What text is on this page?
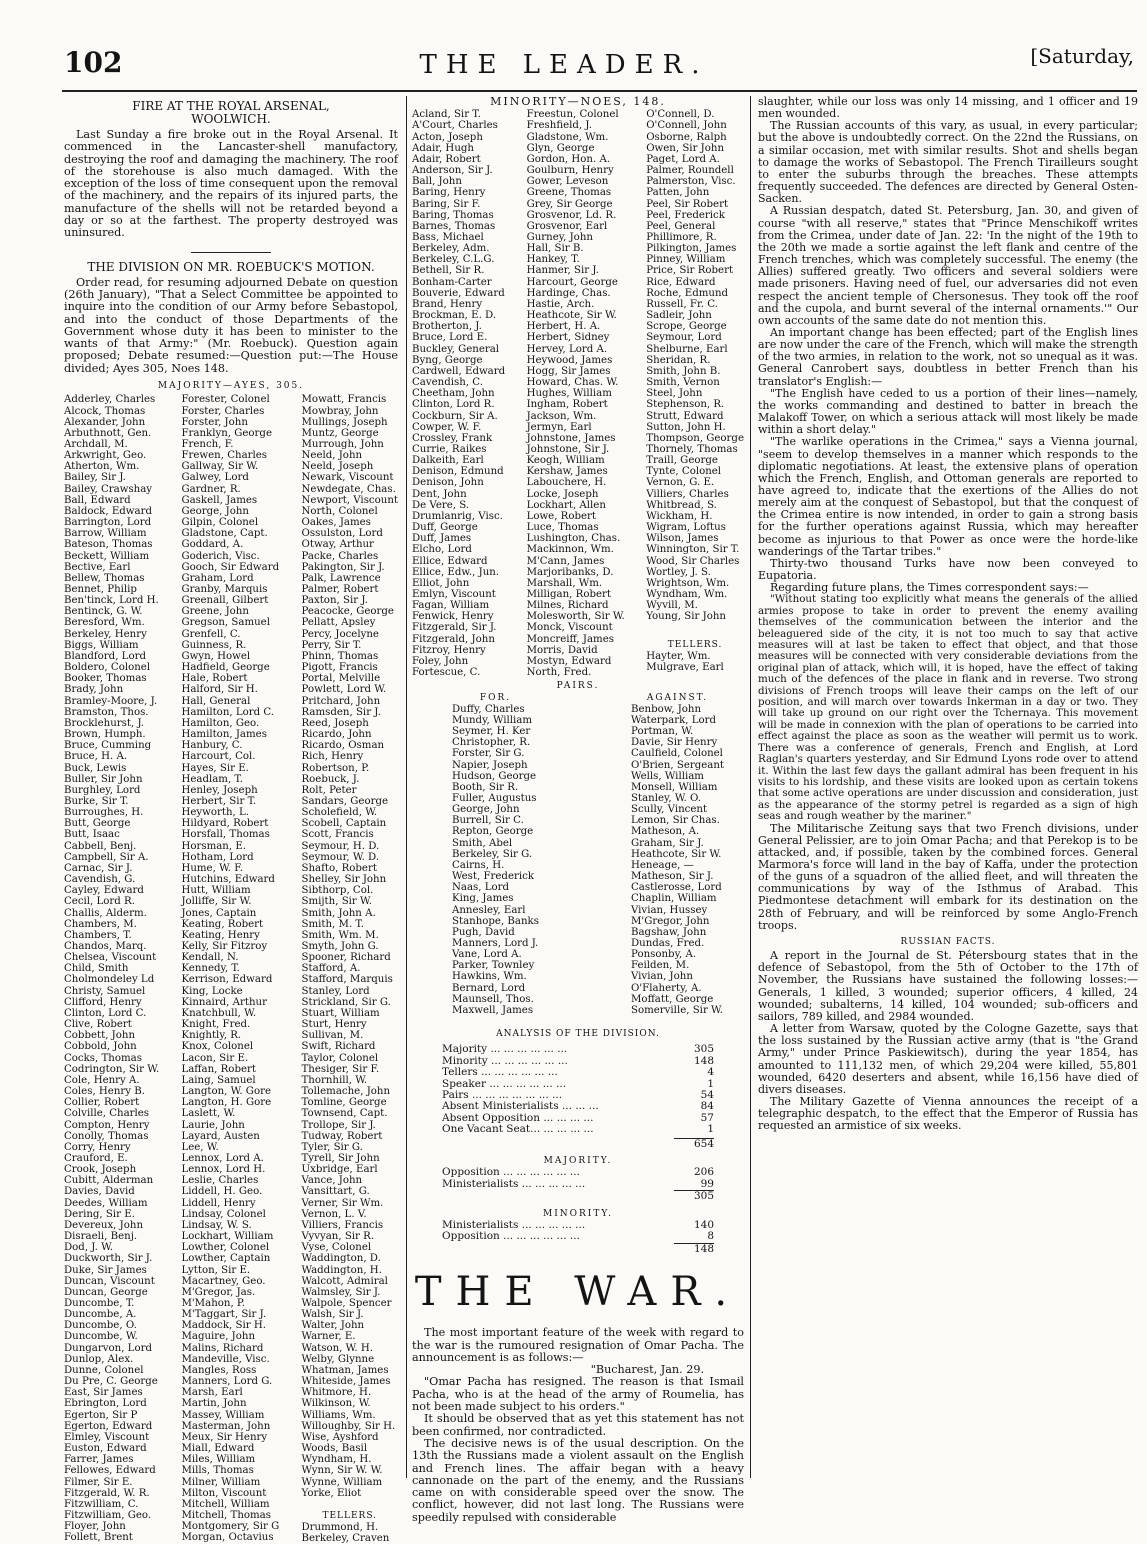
102	THE LEADER.	[Saturday,
FIRE AT THE ROYAL ARSENAL,
WOOLWICH.

Last Sunday a fire broke out in the Royal Arsenal. It commenced in the Lancaster-shell manufactory, destroying the roof and damaging the machinery. The roof of the storehouse is also much damaged. With the exception of the loss of time consequent upon the removal of the machinery, and the repairs of its injured parts, the manufacture of the shells will not be retarded beyond a day or so at the farthest. The property destroyed was uninsured.

THE DIVISION ON MR. ROEBUCK'S MOTION.

Order read, for resuming adjourned Debate on question (26th January), "That a Select Committee be appointed to inquire into the condition of our Army before Sebastopol, and into the conduct of those Departments of the Government whose duty it has been to minister to the wants of that Army:" (Mr. Roebuck). Question again proposed; Debate resumed:—Question put:—The House divided; Ayes 305, Noes 148.

MAJORITY—AYES, 305.
Adderley, Charles
Alcock, Thomas
Alexander, John
Arbuthnott, Gen.
Archdall, M.
Arkwright, Geo.
Atherton, Wm.
Bailey, Sir J.
Bailey, Crawshay
Ball, Edward
Baldock, Edward
Barrington, Lord
Barrow, William
Bateson, Thomas
Beckett, William
Bective, Earl
Bellew, Thomas
Bennet, Philip
Ben'tinck, Lord H.
Bentinck, G. W.
Beresford, Wm.
Berkeley, Henry
Biggs, William
Blandford, Lord
Boldero, Colonel
Booker, Thomas
Brady, John
Bramley-Moore, J.
Bramston, Thos.
Brocklehurst, J.
Brown, Humph.
Bruce, Cumming
Bruce, H. A.
Buck, Lewis
Buller, Sir John
Burghley, Lord
Burke, Sir T.
Burroughes, H.
Butt, George
Butt, Isaac
Cabbell, Benj.
Campbell, Sir A.
Carnac, Sir J.
Cavendish, G.
Cayley, Edward
Cecil, Lord R.
Challis, Alderm.
Chambers, M.
Chambers, T.
Chandos, Marq.
Chelsea, Viscount
Child, Smith
Cholmondeley Ld
Christy, Samuel
Clifford, Henry
Clinton, Lord C.
Clive, Robert
Cobbett, John
Cobbold, John
Cocks, Thomas
Codrington, Sir W.
Cole, Henry A.
Coles, Henry B.
Collier, Robert
Colville, Charles
Compton, Henry
Conolly, Thomas
Corry, Henry
Crauford, E.
Crook, Joseph
Cubitt, Alderman
Davies, David
Deedes, William
Dering, Sir E.
Devereux, John
Disraeli, Benj.
Dod, J. W.
Duckworth, Sir J.
Duke, Sir James
Duncan, Viscount
Duncan, George
Duncombe, T.
Duncombe, A.
Duncombe, O.
Duncombe, W.
Dungarvon, Lord
Dunlop, Alex.
Dunne, Colonel
Du Pre, C. George
East, Sir James
Ebrington, Lord
Egerton, Sir P
Egerton, Edward
Elmley, Viscount
Euston, Edward
Farrer, James
Fellowes, Edward
Filmer, Sir E.
Fitzgerald, W. R.
Fitzwilliam, C.
Fitzwilliam, Geo.
Floyer, John
Follett, Brent
Forester, Colonel
Forster, Charles
Forster, John
Franklyn, George
French, F.
Frewen, Charles
Gallway, Sir W.
Galwey, Lord
Gardner, R.
Gaskell, James
George, John
Gilpin, Colonel
Gladstone, Capt.
Goddard, A.
Goderich, Visc.
Gooch, Sir Edward
Graham, Lord
Granby, Marquis
Greenall, Gilbert
Greene, John
Gregson, Samuel
Grenfell, C.
Guinness, R.
Gwyn, Howel
Hadfield, George
Hale, Robert
Halford, Sir H.
Hall, General
Hamilton, Lord C.
Hamilton, Geo.
Hamilton, James
Hanbury, C.
Harcourt, Col.
Hayes, Sir E.
Headlam, T.
Henley, Joseph
Herbert, Sir T.
Heyworth, L.
Hildyard, Robert
Horsfall, Thomas
Horsman, E.
Hotham, Lord
Hume, W. F.
Hutchins, Edward
Hutt, William
Jolliffe, Sir W.
Jones, Captain
Keating, Robert
Keating, Henry
Kelly, Sir Fitzroy
Kendall, N.
Kennedy, T.
Kerrison, Edward
King, Locke
Kinnaird, Arthur
Knatchbull, W.
Knight, Fred.
Knightly, R.
Knox, Colonel
Lacon, Sir E.
Laffan, Robert
Laing, Samuel
Langton, W. Gore
Langton, H. Gore
Laslett, W.
Laurie, John
Layard, Austen
Lee, W.
Lennox, Lord A.
Lennox, Lord H.
Leslie, Charles
Liddell, H. Geo.
Liddell, Henry
Lindsay, Colonel
Lindsay, W. S.
Lockhart, William
Lowther, Colonel
Lowther, Captain
Lytton, Sir E.
Macartney, Geo.
M'Gregor, Jas.
M'Mahon, P.
M'Taggart, Sir J.
Maddock, Sir H.
Maguire, John
Malins, Richard
Mandeville, Visc.
Mangles, Ross
Manners, Lord G.
Marsh, Earl
Martin, John
Massey, William
Masterman, John
Meux, Sir Henry
Miall, Edward
Miles, William
Mills, Thomas
Milner, William
Milton, Viscount
Mitchell, William
Mitchell, Thomas
Montgomery, Sir G
Morgan, Octavius
Mowatt, Francis
Mowbray, John
Mullings, Joseph
Muntz, George
Murrough, John
Neeld, John
Neeld, Joseph
Newark, Viscount
Newdegate, Chas.
Newport, Viscount
North, Colonel
Oakes, James
Ossulston, Lord
Otway, Arthur
Packe, Charles
Pakington, Sir J.
Palk, Lawrence
Palmer, Robert
Paxton, Sir J.
Peacocke, George
Pellatt, Apsley
Percy, Jocelyne
Perry, Sir T.
Phinn, Thomas
Pigott, Francis
Portal, Melville
Powlett, Lord W.
Pritchard, John
Ramsden, Sir J.
Reed, Joseph
Ricardo, John
Ricardo, Osman
Rich, Henry
Robertson, P.
Roebuck, J.
Rolt, Peter
Sandars, George
Scholefield, W.
Scobell, Captain
Scott, Francis
Seymour, H. D.
Seymour, W. D.
Shafto, Robert
Shelley, Sir John
Sibthorp, Col.
Smijth, Sir W.
Smith, John A.
Smith, M. T.
Smith, Wm. M.
Smyth, John G.
Spooner, Richard
Stafford, A.
Stafford, Marquis
Stanley, Lord
Strickland, Sir G.
Stuart, William
Sturt, Henry
Sullivan, M.
Swift, Richard
Taylor, Colonel
Thesiger, Sir F.
Thornhill, W.
Tollemache, John
Tomline, George
Townsend, Capt.
Trollope, Sir J.
Tudway, Robert
Tyler, Sir G.
Tyrell, Sir John
Uxbridge, Earl
Vance, John
Vansittart, G.
Verner, Sir Wm.
Vernon, L. V.
Villiers, Francis
Vyvyan, Sir R.
Vyse, Colonel
Waddington, D.
Waddington, H.
Walcott, Admiral
Walmsley, Sir J.
Walpole, Spencer
Walsh, Sir J.
Walter, John
Warner, E.
Watson, W. H.
Welby, Glynne
Whatman, James
Whiteside, James
Whitmore, H.
Wilkinson, W.
Williams, Wm.
Willoughby, Sir H.
Wise, Ayshford
Woods, Basil
Wyndham, H.
Wynn, Sir W. W.
Wynne, William
Yorke, Eliot

TELLERS.
Drummond, H.
Berkeley, Craven
MINORITY—NOES, 148.
Acland, Sir T.
A'Court, Charles
Acton, Joseph
Adair, Hugh
Adair, Robert
Anderson, Sir J.
Ball, John
Baring, Henry
Baring, Sir F.
Baring, Thomas
Barnes, Thomas
Bass, Michael
Berkeley, Adm.
Berkeley, C.L.G.
Bethell, Sir R.
Bonham-Carter
Bouverie, Edward
Brand, Henry
Brockman, E. D.
Brotherton, J.
Bruce, Lord E.
Buckley, General
Byng, George
Cardwell, Edward
Cavendish, C.
Cheetham, John
Clinton, Lord R.
Cockburn, Sir A.
Cowper, W. F.
Crossley, Frank
Currie, Raikes
Dalkeith, Earl
Denison, Edmund
Denison, John
Dent, John
De Vere, S.
Drumlanrig, Visc.
Duff, George
Duff, James
Elcho, Lord
Ellice, Edward
Ellice, Edw., Jun.
Elliot, John
Emlyn, Viscount
Fagan, William
Fenwick, Henry
Fitzgerald, Sir J.
Fitzgerald, John
Fitzroy, Henry
Foley, John
Fortescue, C.
Freestun, Colonel
Freshfield, J.
Gladstone, Wm.
Glyn, George
Gordon, Hon. A.
Goulburn, Henry
Gower, Leveson
Greene, Thomas
Grey, Sir George
Grosvenor, Ld. R.
Grosvenor, Earl
Gurney, John
Hall, Sir B.
Hankey, T.
Hanmer, Sir J.
Harcourt, George
Hardinge, Chas.
Hastie, Arch.
Heathcote, Sir W.
Herbert, H. A.
Herbert, Sidney
Hervey, Lord A.
Heywood, James
Hogg, Sir James
Howard, Chas. W.
Hughes, William
Ingham, Robert
Jackson, Wm.
Jermyn, Earl
Johnstone, James
Johnstone, Sir J.
Keogh, William
Kershaw, James
Labouchere, H.
Locke, Joseph
Lockhart, Allen
Lowe, Robert
Luce, Thomas
Lushington, Chas.
Mackinnon, Wm.
M'Cann, James
Marjoribanks, D.
Marshall, Wm.
Milligan, Robert
Milnes, Richard
Molesworth, Sir W.
Monck, Viscount
Moncreiff, James
Morris, David
Mostyn, Edward
North, Fred.
O'Connell, D.
O'Connell, John
Osborne, Ralph
Owen, Sir John
Paget, Lord A.
Palmer, Roundell
Palmerston, Visc.
Patten, John
Peel, Sir Robert
Peel, Frederick
Peel, General
Phillimore, R.
Pilkington, James
Pinney, William
Price, Sir Robert
Rice, Edward
Roche, Edmund
Russell, Fr. C.
Sadleir, John
Scrope, George
Seymour, Lord
Shelburne, Earl
Sheridan, R.
Smith, John B.
Smith, Vernon
Steel, John
Stephenson, R.
Strutt, Edward
Sutton, John H.
Thompson, George
Thornely, Thomas
Traill, George
Tynte, Colonel
Vernon, G. E.
Villiers, Charles
Whitbread, S.
Wickham, H.
Wigram, Loftus
Wilson, James
Winnington, Sir T.
Wood, Sir Charles
Wortley, J. S.
Wrightson, Wm.
Wyndham, Wm.
Wyvill, M.
Young, Sir John

TELLERS.
Hayter, Wm.
Mulgrave, Earl
PAIRS.
FOR.
Duffy, Charles
Mundy, William
Seymer, H. Ker
Christopher, R.
Forster, Sir G.
Napier, Joseph
Hudson, George
Booth, Sir R.
Fuller, Augustus
George, John
Burrell, Sir C.
Repton, George
Smith, Abel
Berkeley, Sir G.
Cairns, H.
West, Frederick
Naas, Lord
King, James
Annesley, Earl
Stanhope, Banks
Pugh, David
Manners, Lord J.
Vane, Lord A.
Parker, Townley
Hawkins, Wm.
Bernard, Lord
Maunsell, Thos.
Maxwell, James
AGAINST.
Benbow, John
Waterpark, Lord
Portman, W.
Davie, Sir Henry
Caulfield, Colonel
O'Brien, Sergeant
Wells, William
Monsell, William
Stanley, W. O.
Scully, Vincent
Lemon, Sir Chas.
Matheson, A.
Graham, Sir J.
Heathcote, Sir W.
Heneage, —
Matheson, Sir J.
Castlerosse, Lord
Chaplin, William
Vivian, Hussey
M'Gregor, John
Bagshaw, John
Dundas, Fred.
Ponsonby, A.
Feilden, M.
Vivian, John
O'Flaherty, A.
Moffatt, George
Somerville, Sir W.
ANALYSIS OF THE DIVISION.
Majority ... ... ... ... ... ...	305
Minority ... ... ... ... ... ...	148
Tellers ... ... ... ... ... ...	4
Speaker ... ... ... ... ... ...	1
Pairs ... ... ... ... ... ... ...	54
Absent Ministerialists ... ... ...	84
Absent Opposition ... ... ... ...	57
One Vacant Seat... ... ... ... ...	1
654
MAJORITY.
Opposition ... ... ... ... ... ...	206
Ministerialists ... ... ... ... ...	99
305
MINORITY.
Ministerialists ... ... ... ... ...	140
Opposition ... ... ... ... ... ...	8
148
THE WAR.

The most important feature of the week with regard to the war is the rumoured resignation of Omar Pacha. The announcement is as follows:—

"Bucharest, Jan. 29.

"Omar Pacha has resigned. The reason is that Ismail Pacha, who is at the head of the army of Roumelia, has not been made subject to his orders."

It should be observed that as yet this statement has not been confirmed, nor contradicted.

The decisive news is of the usual description. On the 13th the Russians made a violent assault on the English and French lines. The affair began with a heavy cannonade on the part of the enemy, and the Russians came on with considerable speed over the snow. The conflict, however, did not last long. The Russians were speedily repulsed with considerable

slaughter, while our loss was only 14 missing, and 1 officer and 19 men wounded.

The Russian accounts of this vary, as usual, in every particular; but the above is undoubtedly correct. On the 22nd the Russians, on a similar occasion, met with similar results. Shot and shells began to damage the works of Sebastopol. The French Tirailleurs sought to enter the suburbs through the breaches. These attempts frequently succeeded. The defences are directed by General Osten-Sacken.

A Russian despatch, dated St. Petersburg, Jan. 30, and given of course "with all reserve," states that "Prince Menschikoff writes from the Crimea, under date of Jan. 22: 'In the night of the 19th to the 20th we made a sortie against the left flank and centre of the French trenches, which was completely successful. The enemy (the Allies) suffered greatly. Two officers and several soldiers were made prisoners. Having need of fuel, our adversaries did not even respect the ancient temple of Chersonesus. They took off the roof and the cupola, and burnt several of the internal ornaments.'" Our own accounts of the same date do not mention this.

An important change has been effected; part of the English lines are now under the care of the French, which will make the strength of the two armies, in relation to the work, not so unequal as it was. General Canrobert says, doubtless in better French than his translator's English:—

"The English have ceded to us a portion of their lines—namely, the works commanding and destined to batter in breach the Malakoff Tower, on which a serious attack will most likely be made within a short delay."

"The warlike operations in the Crimea," says a Vienna journal, "seem to develop themselves in a manner which responds to the diplomatic negotiations. At least, the extensive plans of operation which the French, English, and Ottoman generals are reported to have agreed to, indicate that the exertions of the Allies do not merely aim at the conquest of Sebastopol, but that the conquest of the Crimea entire is now intended, in order to gain a strong basis for the further operations against Russia, which may hereafter become as injurious to that Power as once were the horde-like wanderings of the Tartar tribes."

Thirty-two thousand Turks have now been conveyed to Eupatoria.

Regarding future plans, the Times correspondent says:—

"Without stating too explicitly what means the generals of the allied armies propose to take in order to prevent the enemy availing themselves of the communication between the interior and the beleaguered side of the city, it is not too much to say that active measures will at last be taken to effect that object, and that those measures will be connected with very considerable deviations from the original plan of attack, which will, it is hoped, have the effect of taking much of the defences of the place in flank and in reverse. Two strong divisions of French troops will leave their camps on the left of our position, and will march over towards Inkerman in a day or two. They will take up ground on our right over the Tchernaya. This movement will be made in connexion with the plan of operations to be carried into effect against the place as soon as the weather will permit us to work. There was a conference of generals, French and English, at Lord Raglan's quarters yesterday, and Sir Edmund Lyons rode over to attend it. Within the last few days the gallant admiral has been frequent in his visits to his lordship, and these visits are looked upon as certain tokens that some active operations are under discussion and consideration, just as the appearance of the stormy petrel is regarded as a sign of high seas and rough weather by the mariner."

The Militarische Zeitung says that two French divisions, under General Pelissier, are to join Omar Pacha; and that Perekop is to be attacked, and, if possible, taken by the combined forces. General Marmora's force will land in the bay of Kaffa, under the protection of the guns of a squadron of the allied fleet, and will threaten the communications by way of the Isthmus of Arabad. This Piedmontese detachment will embark for its destination on the 28th of February, and will be reinforced by some Anglo-French troops.

RUSSIAN FACTS.

A report in the Journal de St. Pétersbourg states that in the defence of Sebastopol, from the 5th of October to the 17th of November, the Russians have sustained the following losses:—Generals, 1 killed, 3 wounded; superior officers, 4 killed, 24 wounded; subalterns, 14 killed, 104 wounded; sub-officers and sailors, 789 killed, and 2984 wounded.

A letter from Warsaw, quoted by the Cologne Gazette, says that the loss sustained by the Russian active army (that is "the Grand Army," under Prince Paskiewitsch), during the year 1854, has amounted to 111,132 men, of which 29,204 were killed, 55,801 wounded, 6420 deserters and absent, while 16,156 have died of divers diseases.

The Military Gazette of Vienna announces the receipt of a telegraphic despatch, to the effect that the Emperor of Russia has requested an armistice of six weeks.
